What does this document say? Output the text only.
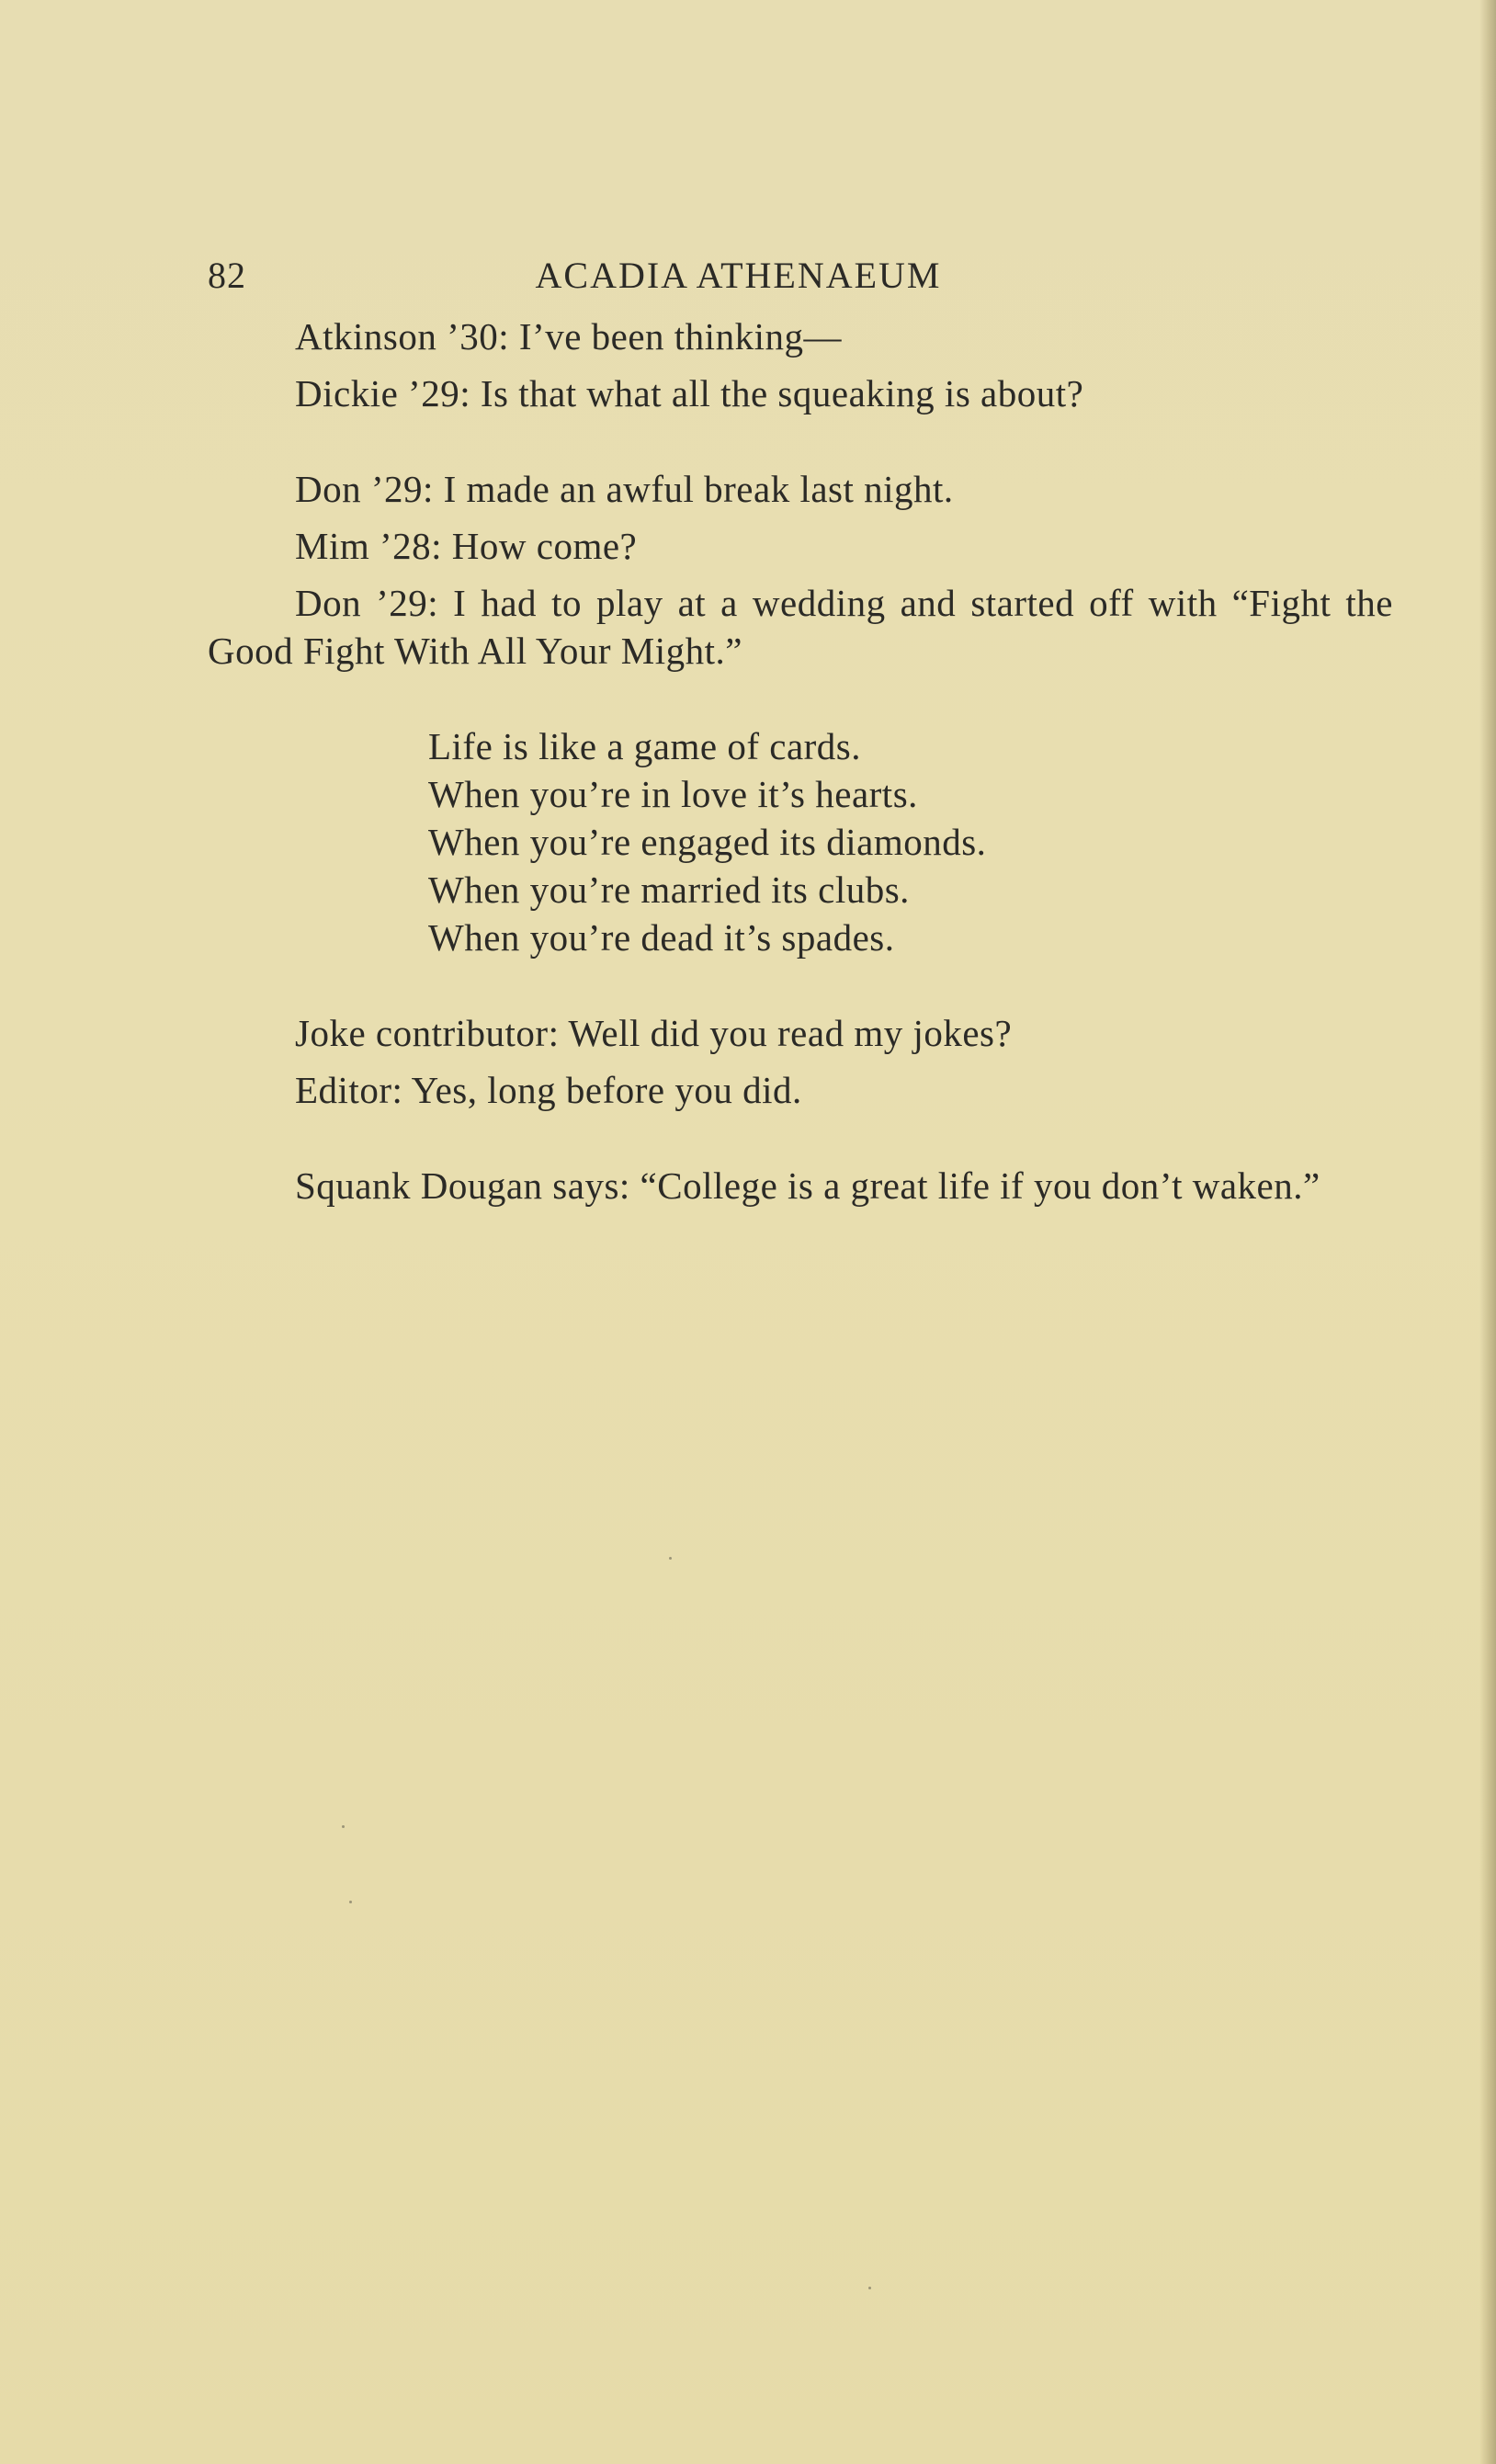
82	ACADIA ATHENAEUM

Atkinson ’30: I’ve been thinking—

Dickie ’29: Is that what all the squeaking is about?

Don ’29: I made an awful break last night.

Mim ’28: How come?

Don ’29: I had to play at a wedding and started off with “Fight the Good Fight With All Your Might.”

Life is like a game of cards.
When you’re in love it’s hearts.
When you’re engaged its diamonds.
When you’re married its clubs.
When you’re dead it’s spades.

Joke contributor: Well did you read my jokes?

Editor: Yes, long before you did.

Squank Dougan says: “College is a great life if you don’t waken.”
